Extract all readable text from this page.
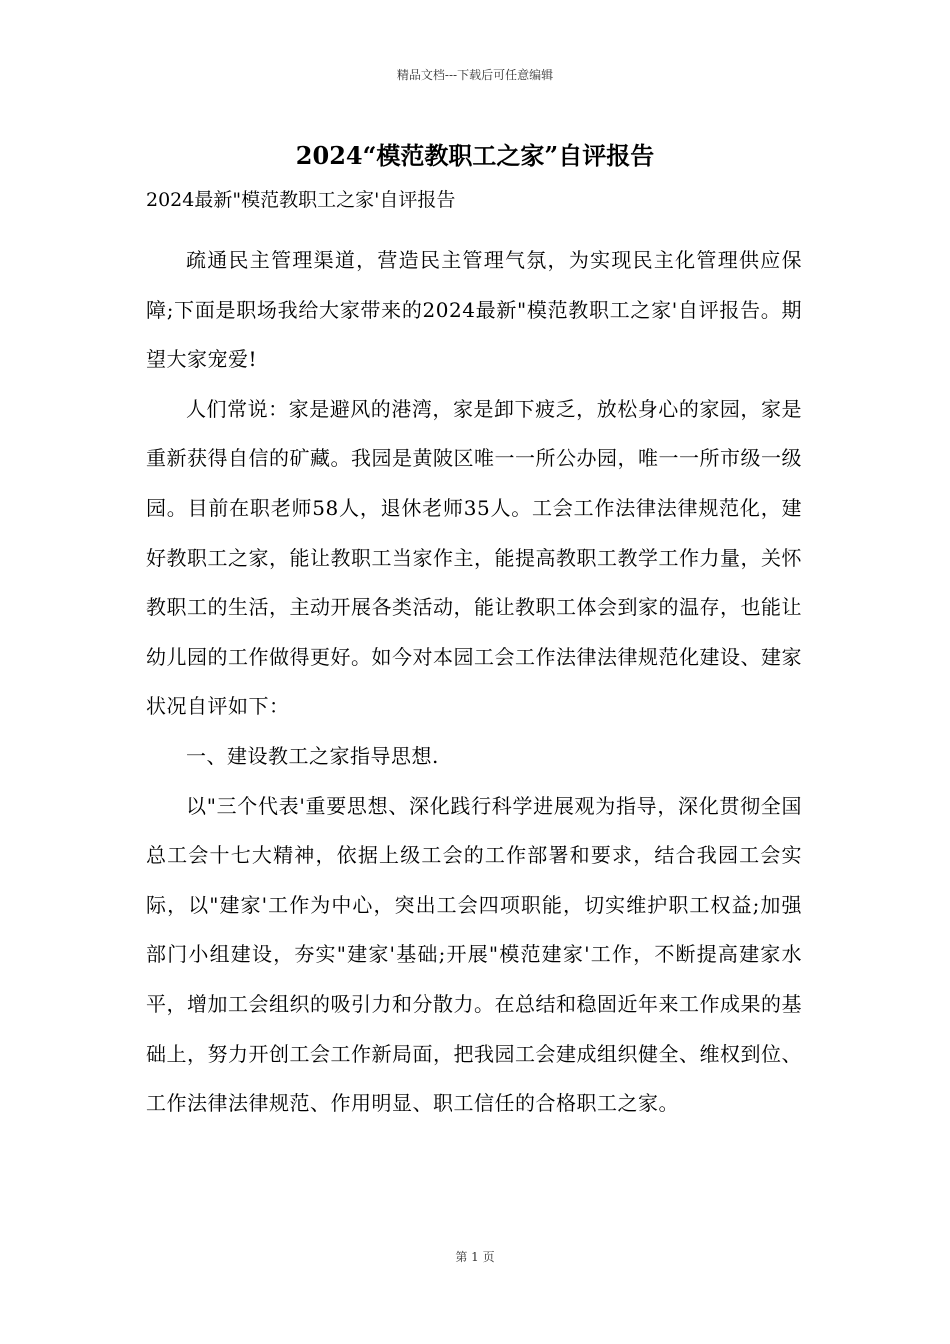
精品文档---下载后可任意编辑
2024“模范教职工之家”自评报告
2024最新"模范教职工之家'自评报告

疏通民主管理渠道，营造民主管理气氛，为实现民主化管理供应保障;下面是职场我给大家带来的2024最新"模范教职工之家'自评报告。期望大家宠爱!

人们常说：家是避风的港湾，家是卸下疲乏，放松身心的家园，家是重新获得自信的矿藏。我园是黄陂区唯一一所公办园，唯一一所市级一级园。目前在职老师58人，退休老师35人。工会工作法律法律规范化，建好教职工之家，能让教职工当家作主，能提高教职工教学工作力量，关怀教职工的生活，主动开展各类活动，能让教职工体会到家的温存，也能让幼儿园的工作做得更好。如今对本园工会工作法律法律规范化建设、建家状况自评如下：

一、建设教工之家指导思想.

以"三个代表'重要思想、深化践行科学进展观为指导，深化贯彻全国总工会十七大精神，依据上级工会的工作部署和要求，结合我园工会实际，以"建家'工作为中心，突出工会四项职能，切实维护职工权益;加强部门小组建设，夯实"建家'基础;开展"模范建家'工作，不断提高建家水平，增加工会组织的吸引力和分散力。在总结和稳固近年来工作成果的基础上，努力开创工会工作新局面，把我园工会建成组织健全、维权到位、工作法律法律规范、作用明显、职工信任的合格职工之家。

第 1 页
